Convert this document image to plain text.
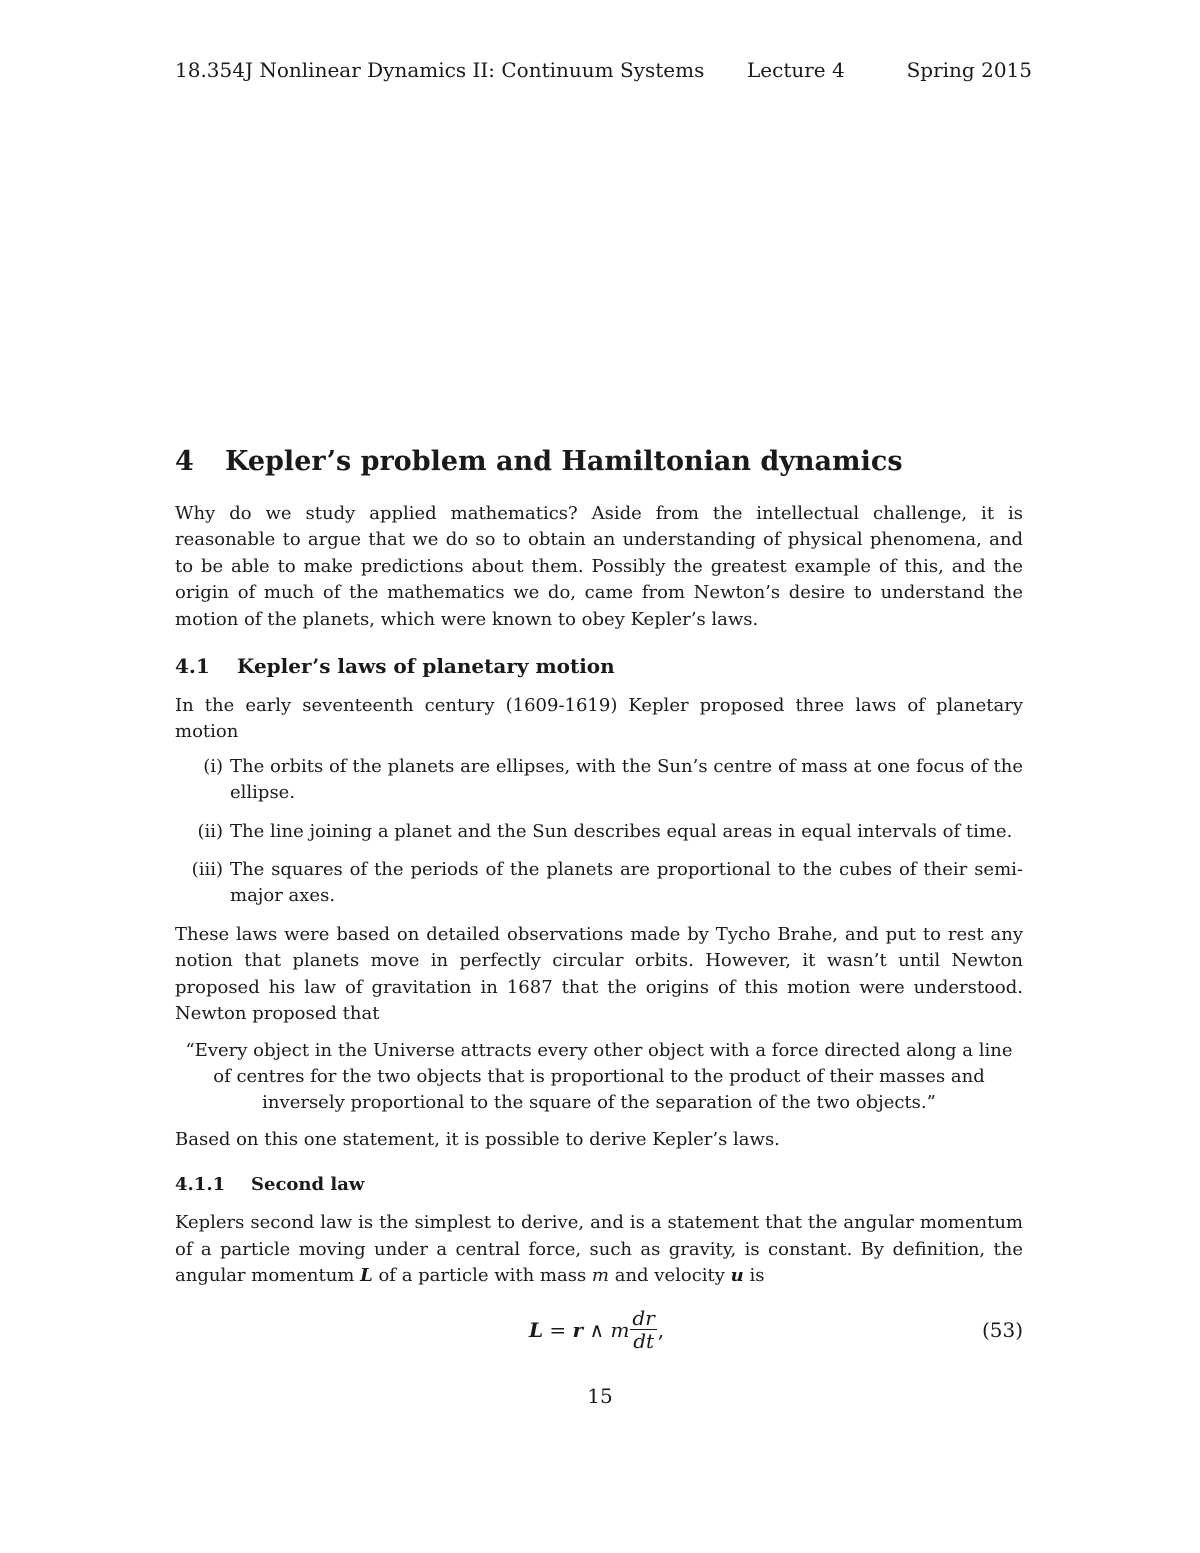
18.354J Nonlinear Dynamics II: Continuum Systems Lecture 4	Spring 2015
4 Kepler’s problem and Hamiltonian dynamics

Why do we study applied mathematics? Aside from the intellectual challenge, it is reasonable to argue that we do so to obtain an understanding of physical phenomena, and to be able to make predictions about them. Possibly the greatest example of this, and the origin of much of the mathematics we do, came from Newton’s desire to understand the motion of the planets, which were known to obey Kepler’s laws.

4.1 Kepler’s laws of planetary motion

In the early seventeenth century (1609-1619) Kepler proposed three laws of planetary motion

(i) The orbits of the planets are ellipses, with the Sun’s centre of mass at one focus of the ellipse.
(ii) The line joining a planet and the Sun describes equal areas in equal intervals of time.
(iii) The squares of the periods of the planets are proportional to the cubes of their semi-major axes.

These laws were based on detailed observations made by Tycho Brahe, and put to rest any notion that planets move in perfectly circular orbits. However, it wasn’t until Newton proposed his law of gravitation in 1687 that the origins of this motion were understood. Newton proposed that

“Every object in the Universe attracts every other object with a force directed along a line of centres for the two objects that is proportional to the product of their masses and inversely proportional to the square of the separation of the two objects.”

Based on this one statement, it is possible to derive Kepler’s laws.

4.1.1 Second law

Keplers second law is the simplest to derive, and is a statement that the angular momentum of a particle moving under a central force, such as gravity, is constant. By definition, the angular momentum L of a particle with mass m and velocity u is

L = r ∧ m $\frac{dr}{dt}$ ,	(53)
15
